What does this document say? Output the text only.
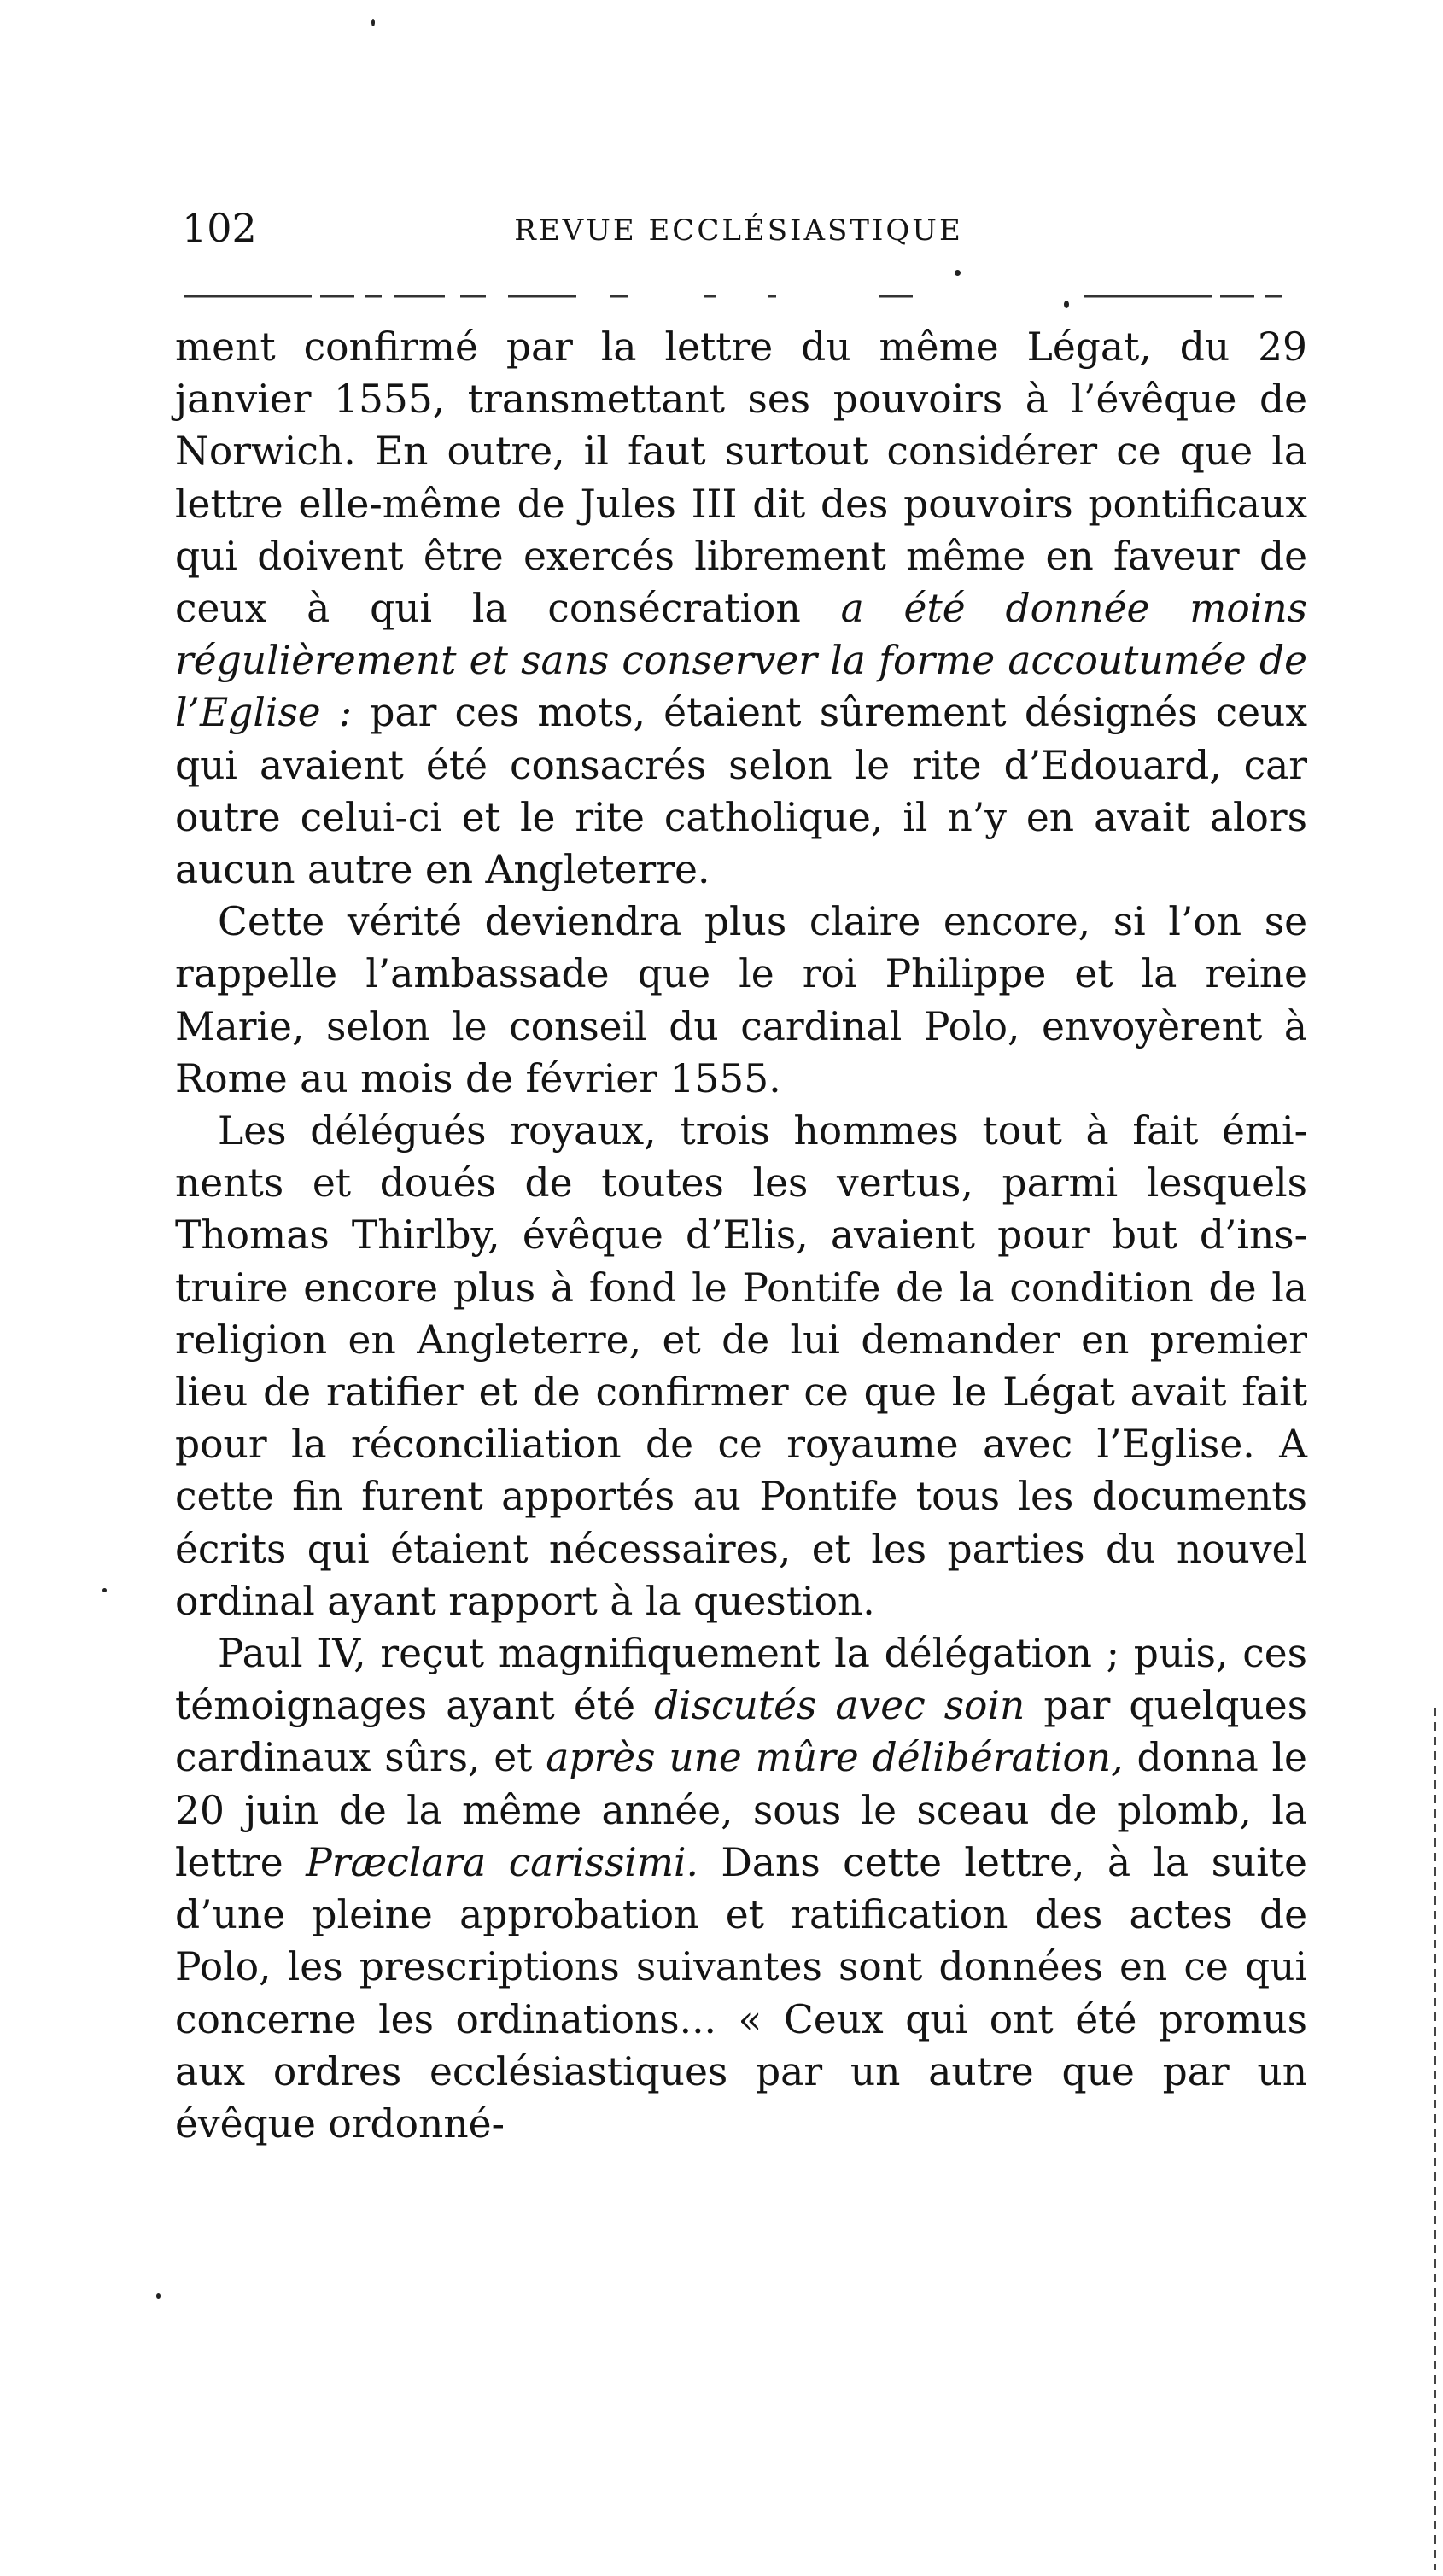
102	REVUE ECCLÉSIASTIQUE

ment confirmé par la lettre du même Légat, du 29 janvier 1555, transmettant ses pouvoirs à l’évêque de Norwich. En outre, il faut surtout considérer ce que la lettre elle-même de Jules III dit des pouvoirs pontificaux qui doivent être exercés librement même en faveur de ceux à qui la consécration a été donnée moins régulièrement et sans conserver la forme accoutumée de l’Eglise : par ces mots, étaient sûrement désignés ceux qui avaient été consacrés selon le rite d’Edouard, car outre celui-ci et le rite catholique, il n’y en avait alors aucun autre en Angleterre.

Cette vérité deviendra plus claire encore, si l’on se rappelle l’ambassade que le roi Philippe et la reine Marie, selon le conseil du cardinal Polo, envoyèrent à Rome au mois de février 1555.

Les délégués royaux, trois hommes tout à fait éminents et doués de toutes les vertus, parmi lesquels Thomas Thirlby, évêque d’Elis, avaient pour but d’instruire encore plus à fond le Pontife de la condition de la religion en Angleterre, et de lui demander en premier lieu de ratifier et de confirmer ce que le Légat avait fait pour la réconciliation de ce royaume avec l’Eglise. A cette fin furent apportés au Pontife tous les documents écrits qui étaient nécessaires, et les parties du nouvel ordinal ayant rapport à la question.

Paul IV, reçut magnifiquement la délégation ; puis, ces témoignages ayant été discutés avec soin par quelques cardinaux sûrs, et après une mûre délibération, donna le 20 juin de la même année, sous le sceau de plomb, la lettre Præclara carissimi. Dans cette lettre, à la suite d’une pleine approbation et ratification des actes de Polo, les prescriptions suivantes sont données en ce qui concerne les ordinations... « Ceux qui ont été promus aux ordres ecclésiastiques par un autre que par un évêque ordonné-
